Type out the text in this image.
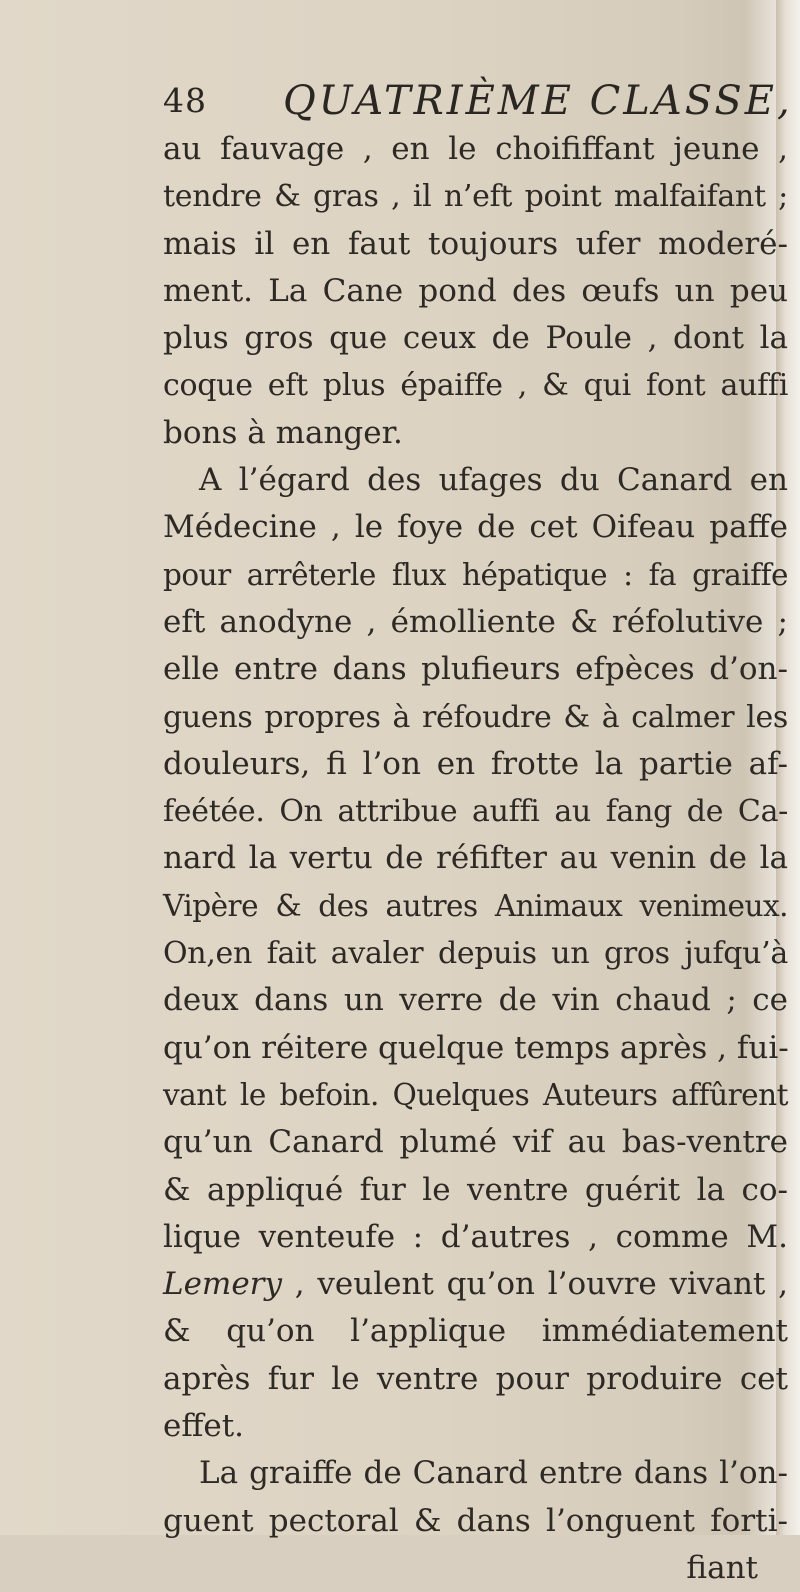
48 QUATRIÈME CLASSE,
au fauvage , en le choififfant jeune ,
tendre & gras , il n’eft point malfaifant ;
mais il en faut toujours ufer moderé-
ment. La Cane pond des œufs un peu
plus gros que ceux de Poule , dont la
coque eft plus épaiffe , & qui font auffi
bons à manger.
A l’égard des ufages du Canard en
Médecine , le foye de cet Oifeau paffe
pour arrêterle flux hépatique : fa graiffe
eft anodyne , émolliente & réfolutive ;
elle entre dans plufieurs efpèces d’on-
guens propres à réfoudre & à calmer les
douleurs, fi l’on en frotte la partie af-
feétée. On attribue auffi au fang de Ca-
nard la vertu de réfifter au venin de la
Vipère & des autres Animaux venimeux.
On,en fait avaler depuis un gros jufqu’à
deux dans un verre de vin chaud ; ce
qu’on réitere quelque temps après , fui-
vant le befoin. Quelques Auteurs affûrent
qu’un Canard plumé vif au bas-ventre
& appliqué fur le ventre guérit la co-
lique venteufe : d’autres , comme M.
Lemery , veulent qu’on l’ouvre vivant ,
& qu’on l’applique immédiatement
après fur le ventre pour produire cet
effet.
La graiffe de Canard entre dans l’on-
guent pectoral & dans l’onguent forti-
fiant
